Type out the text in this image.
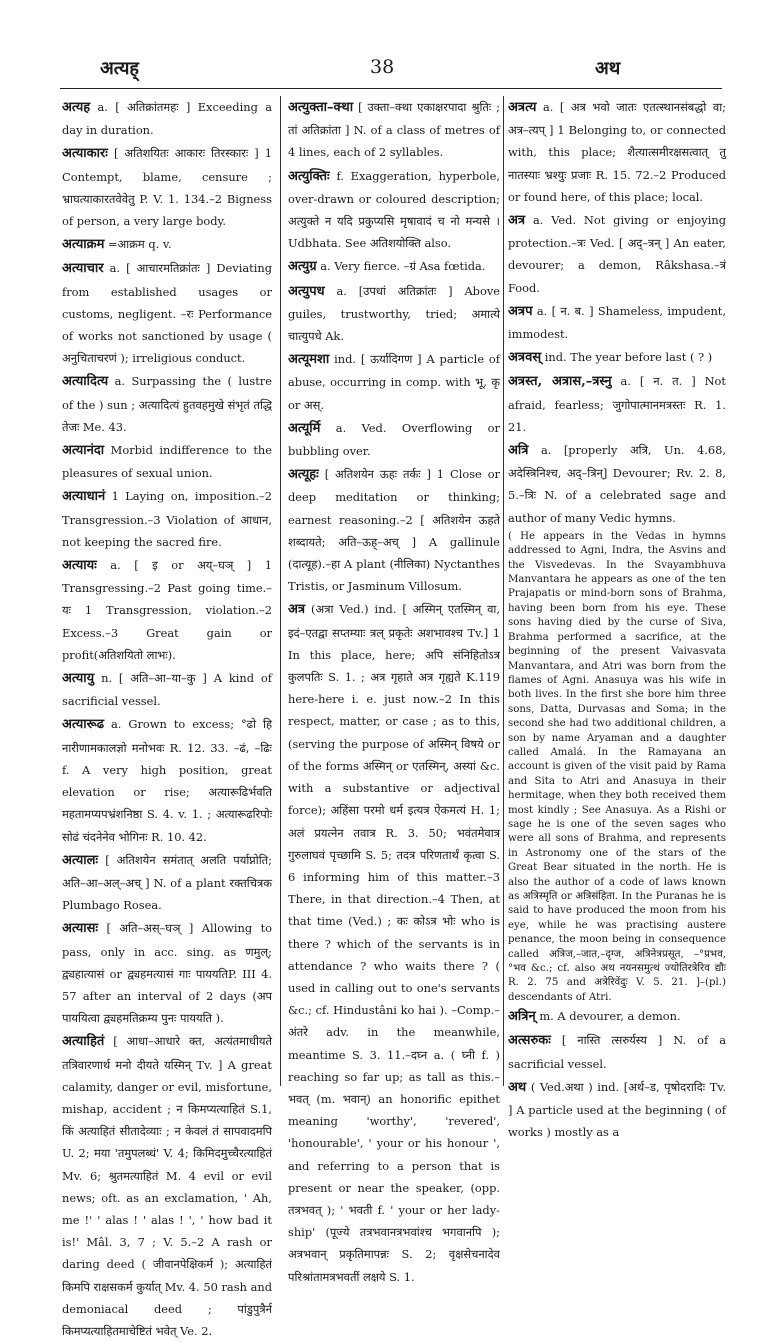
अत्यह्	38	अथ

अत्यह a. [ अतिक्रांतमहः ] Exceeding a day in duration.

अत्याकारः [ अतिशयितः आकारः तिरस्कारः ] 1 Contempt, blame, censure ; भ्राघत्याकारतवेवेतु P. V. 1. 134.–2 Bigness of person, a very large body.

अत्याक्रम =आक्रम q. v.

अत्याचार a. [ आचारमतिक्रांतः ] Deviating from established usages or customs, negligent. –रः Performance of works not sanctioned by usage ( अनुचिताचरणं ); irreligious conduct.

अत्यादित्य a. Surpassing the ( lustre of the ) sun ; अत्यादित्यं हुतवहमुखे संभृतं तद्धि तेजः Me. 43.

अत्यानंदा Morbid indifference to the pleasures of sexual union.

अत्याधानं 1 Laying on, imposition.–2 Transgression.–3 Violation of आधान, not keeping the sacred fire.

अत्यायः a. [ इ or अय्–घञ् ] 1 Transgressing.–2 Past going time.–यः 1 Transgression, violation.–2 Excess.–3 Great gain or profit(अतिशयितो लाभः).

अत्यायु n. [ अति–आ–या–कु ] A kind of sacrificial vessel.

अत्यारूढ a. Grown to excess; °ढो हि नारीणामकालज्ञो मनोभवः R. 12. 33. –ढं, –ढिः f. A very high position, great elevation or rise; अत्यारूढिर्भवति महतामप्यपभ्रंशनिष्ठा S. 4. v. 1. ; अत्यारूढरिपोः सोढं चंदनेनेव भोगिनः R. 10. 42.

अत्यालः [ अतिशयेन समंतात् अलति पर्याप्नोति; अति–आ–अल्–अच् ] N. of a plant रक्तचित्रक Plumbago Rosea.

अत्यासः [ अति–अस्–घञ् ] Allowing to pass, only in acc. sing. as णमुल्; द्व्यहात्यासं or द्व्यहमत्यासं गाः पाययतिP. III 4. 57 after an interval of 2 days (अप पाययित्वा द्व्यहमतिक्रम्य पुनः पाययति ).

अत्याहितं [ आधा–आधारे क्त, अत्यंतमाधीयते तत्रिवारणार्थ मनो दीयते यस्मिन् Tv. ] A great calamity, danger or evil, misfortune, mishap, accident ; न किमप्यत्याहितं S.1, किं अत्याहितं सीतादेव्याः ; न केवलं तं सापवादमपि U. 2; मया 'तमुपलब्धं' V. 4; किमिदमुच्चैरत्याहितं Mv. 6; श्रुतमत्याहितं M. 4 evil or evil news; oft. as an exclamation, ' Ah, me !' ' alas ! ' alas ! ', ' how bad it is!' Mâl. 3, 7 ; V. 5.–2 A rash or daring deed ( जीवानपेक्षिकर्म ); अत्याहितं किमपि राक्षसकर्म कुर्यात् Mv. 4. 50 rash and demoniacal deed ; पांडुपुत्रैर्न किमप्यत्याहितमाचेष्टितं भवेत् Ve. 2.

अत्युक्ता–क्था [ उक्ता–क्था एकाक्षरपादा श्रुतिः ; तां अतिक्रांता ] N. of a class of metres of 4 lines, each of 2 syllables.

अत्युक्तिः f. Exaggeration, hyperbole, over-drawn or coloured description; अत्युक्ते न यदि प्रकुप्यसि मृषावादं च नो मन्यसे । Udbhata. See अतिशयोक्ति also.

अत्युग्र a. Very fierce. –ग्रं Asa fœtida.

अत्युपध a. [उपधां अतिक्रांतः ] Above guiles, trustworthy, tried; अमात्ये चात्युपधे Ak.

अत्यूमशा ind. [ ऊर्यादिगण ] A particle of abuse, occurring in comp. with भू, कृ or अस्.

अत्यूर्मि a. Ved. Overflowing or bubbling over.

अत्यूहः [ अतिशयेन ऊहः तर्कः ] 1 Close or deep meditation or thinking; earnest reasoning.–2 [ अतिशयेन ऊहते शब्दायते; अति–ऊह्–अच् ] A gallinule (दात्यूह).–हा A plant (नीलिका) Nyctanthes Tristis, or Jasminum Villosum.

अत्र (अत्रा Ved.) ind. [ अस्मिन् एतस्मिन् वा, इदं–एतद्वा सप्तम्याः त्रल् प्रकृतेः अशभावश्च Tv.] 1 In this place, here; अपि संनिहितोऽत्र कुलपतिः S. 1. ; अत्र गृहाते अत्र गृह्यते K.119 here-here i. e. just now.–2 In this respect, matter, or case ; as to this, (serving the purpose of अस्मिन् विषये or of the forms अस्मिन् or एतस्मिन्, अस्यां &c. with a substantive or adjectival force); अहिंसा परमो धर्म इत्यत्र ऐकमत्यं H. 1; अलं प्रयत्नेन तवात्र R. 3. 50; भवंतमेवात्र गुरुलाघवं पृच्छामि S. 5; तदत्र परिणतार्थं कृत्वा S. 6 informing him of this matter.–3 There, in that direction.–4 Then, at that time (Ved.) ; कः कोऽत्र भोः who is there ? which of the servants is in attendance ? who waits there ? ( used in calling out to one's servants &c.; cf. Hindustâni ko hai ). –Comp.–अंतरे adv. in the meanwhile, meantime S. 3. 11.–दघ्न a. ( घ्नी f. ) reaching so far up; as tall as this.–भवत् (m. भवान्) an honorific epithet meaning 'worthy', 'revered', 'honourable', ' your or his honour ', and referring to a person that is present or near the speaker, (opp. तत्रभवत् ); ' भवती f. ' your or her lady-ship' (पूज्ये तत्रभवानत्रभवांश्च भगवानपि ); अत्रभवान् प्रकृतिमापन्नः S. 2; वृक्षसेचनादेव परिश्रांतामत्रभवतीं लक्षये S. 1.

अत्रत्य a. [ अत्र भवो जातः एतत्स्थानसंबद्धो वा; अत्र–त्यप् ] 1 Belonging to, or connected with, this place; शैत्यात्समीरक्षसत्वात् तु नातस्याः भ्रश्युः प्रजाः R. 15. 72.–2 Produced or found here, of this place; local.

अत्र a. Ved. Not giving or enjoying protection.–त्रः Ved. [ अद्–त्रन् ] An eater, devourer; a demon, Râkshasa.–त्रं Food.

अत्रप a. [ न. ब. ] Shameless, impudent, immodest.

अत्रवस् ind. The year before last ( ? )

अत्रस्त, अत्रास,–त्रस्नु a. [ न. त. ] Not afraid, fearless; जुगोपात्मानमत्रस्तः R. 1. 21.

अत्रि a. [properly अत्रि, Un. 4.68, अदेस्त्रिनिश्च, अद्–त्रिन्] Devourer; Rv. 2. 8, 5.–त्रिः N. of a celebrated sage and author of many Vedic hymns.

( He appears in the Vedas in hymns addressed to Agni, Indra, the Asvins and the Visvedevas. In the Svayambhuva Manvantara he appears as one of the ten Prajapatis or mind-born sons of Brahma, having been born from his eye. These sons having died by the curse of Siva, Brahma performed a sacrifice, at the beginning of the present Vaivasvata Manvantara, and Atri was born from the flames of Agni. Anasuya was his wife in both lives. In the first she bore him three sons, Datta, Durvasas and Soma; in the second she had two additional children, a son by name Aryaman and a daughter called Amalá. In the Ramayana an account is given of the visit paid by Rama and Sita to Atri and Anasuya in their hermitage, when they both received them most kindly ; See Anasuya. As a Rishi or sage he is one of the seven sages who were all sons of Brahma, and represents in Astronomy one of the stars of the Great Bear situated in the north. He is also the author of a code of laws known as अत्रिस्मृति or अत्रिसंहिता. In the Puranas he is said to have produced the moon from his eye, while he was practising austere penance, the moon being in consequence called अत्रिज,–जात,–दृग्ज, अत्रिनेत्रप्रसूत, –°प्रभव, °भव &c.; cf. also अथ नयनसमुत्थं ज्योतिरत्रेरिव द्यौः R. 2. 75 and अत्रेरिवेंदुः V. 5. 21. ]–(pl.) descendants of Atri.

अत्रिन् m. A devourer, a demon.

अत्सरुकः [ नास्ति त्सरुर्यस्य ] N. of a sacrificial vessel.

अथ ( Ved.अथा ) ind. [अर्थ–ड, पृषोदरादिः Tv. ] A particle used at the beginning ( of works ) mostly as a
